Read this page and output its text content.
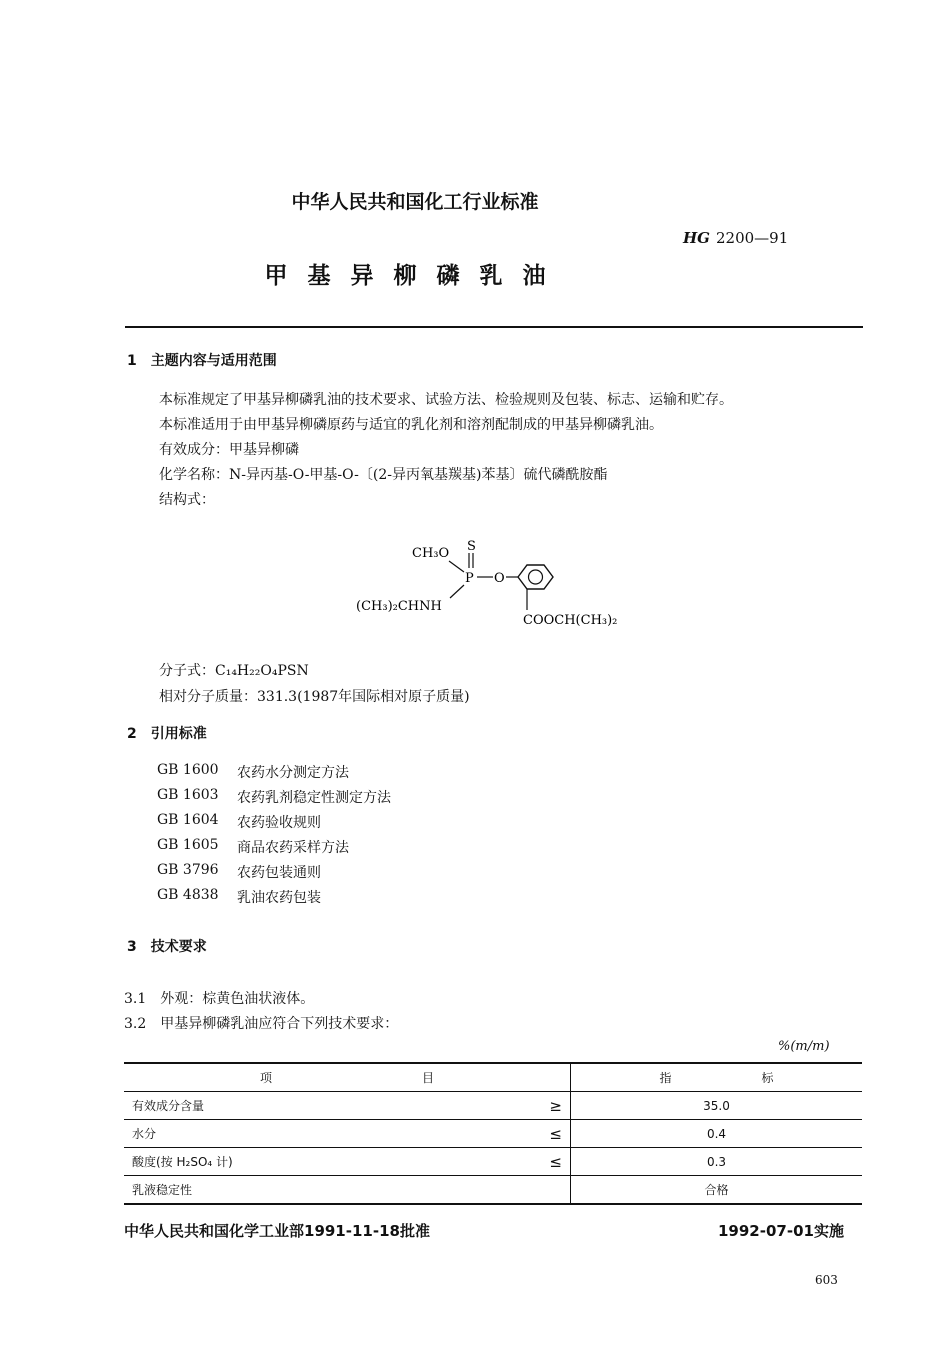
中华人民共和国化工行业标准
HG 2200—91
甲基异柳磷乳油
1　主题内容与适用范围
本标准规定了甲基异柳磷乳油的技术要求、试验方法、检验规则及包装、标志、运输和贮存。
本标准适用于由甲基异柳磷原药与适宜的乳化剂和溶剂配制成的甲基异柳磷乳油。
有效成分：甲基异柳磷
化学名称：N-异丙基-O-甲基-O-〔(2-异丙氧基羰基)苯基〕硫代磷酰胺酯
结构式：
CH₃O S
P O
(CH₃)₂CHNH
COOCH(CH₃)₂
分子式：C₁₄H₂₂O₄PSN
相对分子质量：331.3(1987年国际相对原子质量)
2　引用标准
GB 1600 农药水分测定方法
GB 1603 农药乳剂稳定性测定方法
GB 1604 农药验收规则
GB 1605 商品农药采样方法
GB 3796 农药包装通则
GB 4838 乳油农药包装
3　技术要求
3.1　外观：棕黄色油状液体。
3.2　甲基异柳磷乳油应符合下列技术要求：
%(m/m)
项 目		指 标
有效成分含量	≥	35.0
水分	≤	0.4
酸度(按 H₂SO₄ 计)	≤	0.3
乳液稳定性		合格
中华人民共和国化学工业部1991-11-18批准	1992-07-01实施
603
